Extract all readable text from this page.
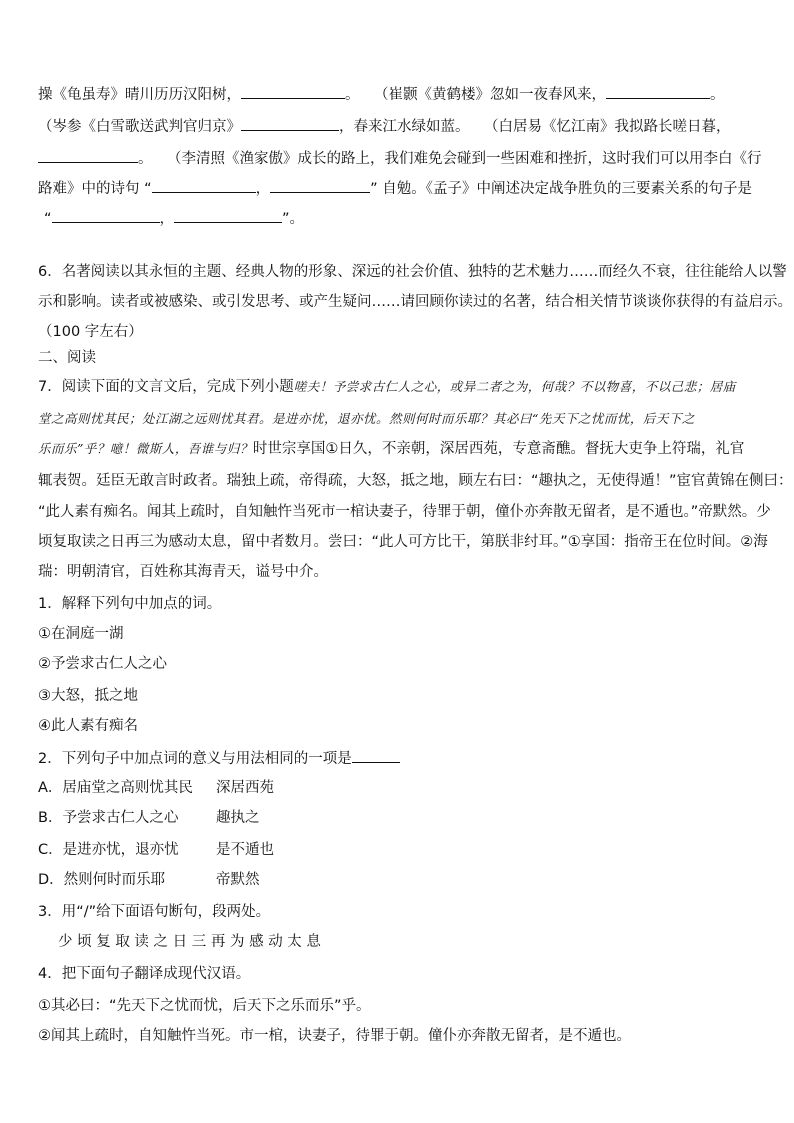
操《龟虽寿》晴川历历汉阳树，	。　　（崔颢《黄鹤楼》忽如一夜春风来，	。
（岑参《白雪歌送武判官归京》	，春来江水绿如蓝。　　（白居易《忆江南》我拟路长嗟日暮，
。　　（李清照《渔家傲》成长的路上，我们难免会碰到一些困难和挫折，这时我们可以用李白《行
路难》中的诗句 “	，	” 自勉。《孟子》中阐述决定战争胜负的三要素关系的句子是
“	，	”。
6．名著阅读以其永恒的主题、经典人物的形象、深远的社会价值、独特的艺术魅力……而经久不衰，往往能给人以警
示和影响。读者或被感染、或引发思考、或产生疑问……请回顾你读过的名著，结合相关情节谈谈你获得的有益启示。
（100 字左右）
二、阅读
7．阅读下面的文言文后，完成下列小题嗟夫！予尝求古仁人之心，或异二者之为，何哉？不以物喜，不以己悲；居庙
堂之高则忧其民；处江湖之远则忧其君。是进亦忧，退亦忧。然则何时而乐耶？其必曰“先天下之忧而忧，后天下之
乐而乐”乎？噫！微斯人，吾谁与归？时世宗享国①日久，不亲朝，深居西苑，专意斋醮。督抚大吏争上符瑞，礼官
辄表贺。廷臣无敢言时政者。瑞独上疏，帝得疏，大怒，抵之地，顾左右曰：“趣执之，无使得遁！”宦官黄锦在侧曰：
“此人素有痴名。闻其上疏时，自知触忤当死市一棺诀妻子，待罪于朝，僮仆亦奔散无留者，是不遁也。”帝默然。少
顷复取读之日再三为感动太息，留中者数月。尝曰：“此人可方比干，第朕非纣耳。”①享国：指帝王在位时间。②海
瑞：明朝清官，百姓称其海青天，谥号中介。
1．解释下列句中加点的词。
①在洞庭一湖
②予尝求古仁人之心
③大怒，抵之地
④此人素有痴名
2．下列句子中加点词的意义与用法相同的一项是
A．居庙堂之高则忧其民 深居西苑
B．予尝求古仁人之心	趣执之
C．是进亦忧，退亦忧	是不遁也
D．然则何时而乐耶	帝默然
3．用“/”给下面语句断句，段两处。
少 顷 复 取 读 之 日 三 再 为 感 动 太 息
4．把下面句子翻译成现代汉语。
①其必曰：“先天下之忧而忧，后天下之乐而乐”乎。
②闻其上疏时，自知触忤当死。市一棺，诀妻子，待罪于朝。僮仆亦奔散无留者，是不遁也。
